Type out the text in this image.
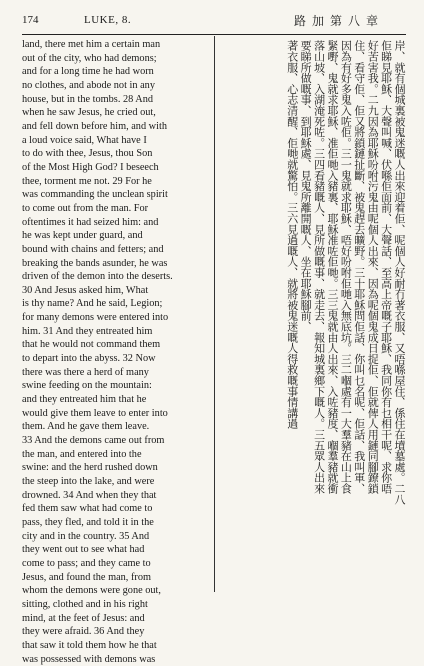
174	LUKE, 8.	路加第八章
land, there met him a certain man
out of the city, who had demons;
and for a long time he had worn
no clothes, and abode not in any
house, but in the tombs. 28 And
when he saw Jesus, he cried out,
and fell down before him, and with
a loud voice said, What have I
to do with thee, Jesus, thou Son
of the Most High God? I beseech
thee, torment me not. 29 For he
was commanding the unclean spirit
to come out from the man. For
oftentimes it had seized him: and
he was kept under guard, and
bound with chains and fetters; and
breaking the bands asunder, he was
driven of the demon into the deserts.
30 And Jesus asked him, What
is thy name? And he said, Legion;
for many demons were entered into
him. 31 And they entreated him
that he would not command them
to depart into the abyss. 32 Now
there was there a herd of many
swine feeding on the mountain:
and they entreated him that he
would give them leave to enter into
them. And he gave them leave.
33 And the demons came out from
the man, and entered into the
swine: and the herd rushed down
the steep into the lake, and were
drowned. 34 And when they that
fed them saw what had come to
pass, they fled, and told it in the
city and in the country. 35 And
they went out to see what had
come to pass; and they came to
Jesus, and found the man, from
whom the demons were gone out,
sitting, clothed and in his right
mind, at the feet of Jesus: and
they were afraid. 36 And they
that saw it told them how he that
was possessed with demons was
岸、就有個城裏被鬼迷嘅人出來迎着佢、呢個人好耐冇著衣服、又唔喺屋住、係住在墳墓處。二八
佢睇見耶穌、大聲叫喊、伏喺佢面前、大聲話、至高上帝嘅子耶穌、我同你有乜相干呢、求你唔
好苦害我。二九因為耶穌吩咐污鬼由呢個人出來、因為呢個鬼成日捉佢、佢就俾人用鏈同腳鐐鎖
住、看守佢、佢又將鎖鏈扯斷、被鬼趕去曠野。三十耶穌問佢話、你叫乜名呢、佢話、我叫軍、
因為有好多鬼入咗佢。三一鬼就求耶穌、唔好吩咐佢哋入無底坑。三二嗰處有一大羣豬在山上食
緊嘢、鬼就求耶穌、准佢哋入豬裏、耶穌准咗佢哋。三三鬼就由人出來、入咗豬度、嗰羣豬就衝
落山坡、入湖淹死咗。三四看豬嘅人、見所做嘅事、就走去、報知城裏鄉下嘅人。三五眾人出來
要睇所做嘅事、到耶穌處、見鬼所離開嘅人、坐在耶穌腳前、
著衣服、心志清醒、佢哋就驚怕。三六見過嘅人、就將被鬼迷嘅人得救嘅事情講過
